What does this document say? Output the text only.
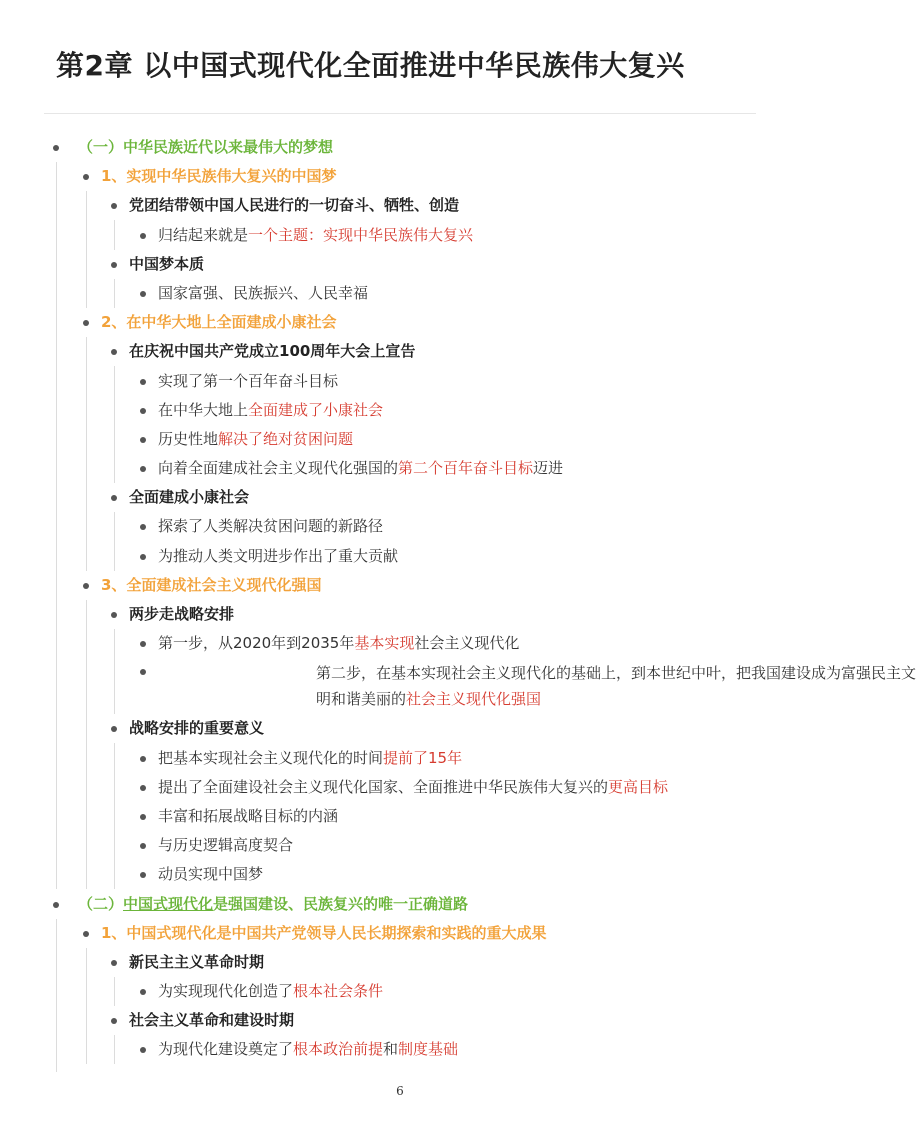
第2章 以中国式现代化全面推进中华民族伟大复兴
（一）中华民族近代以来最伟大的梦想
1、实现中华民族伟大复兴的中国梦
党团结带领中国人民进行的一切奋斗、牺牲、创造
归结起来就是一个主题：实现中华民族伟大复兴
中国梦本质
国家富强、民族振兴、人民幸福
2、在中华大地上全面建成小康社会
在庆祝中国共产党成立100周年大会上宣告
实现了第一个百年奋斗目标
在中华大地上全面建成了小康社会
历史性地解决了绝对贫困问题
向着全面建成社会主义现代化强国的第二个百年奋斗目标迈进
全面建成小康社会
探索了人类解决贫困问题的新路径
为推动人类文明进步作出了重大贡献
3、全面建成社会主义现代化强国
两步走战略安排
第一步，从2020年到2035年基本实现社会主义现代化
第二步，在基本实现社会主义现代化的基础上，到本世纪中叶，把我国建设成为富强民主文明和谐美丽的社会主义现代化强国
战略安排的重要意义
把基本实现社会主义现代化的时间提前了15年
提出了全面建设社会主义现代化国家、全面推进中华民族伟大复兴的更高目标
丰富和拓展战略目标的内涵
与历史逻辑高度契合
动员实现中国梦
（二）中国式现代化是强国建设、民族复兴的唯一正确道路
1、中国式现代化是中国共产党领导人民长期探索和实践的重大成果
新民主主义革命时期
为实现现代化创造了根本社会条件
社会主义革命和建设时期
为现代化建设奠定了根本政治前提和制度基础
6
